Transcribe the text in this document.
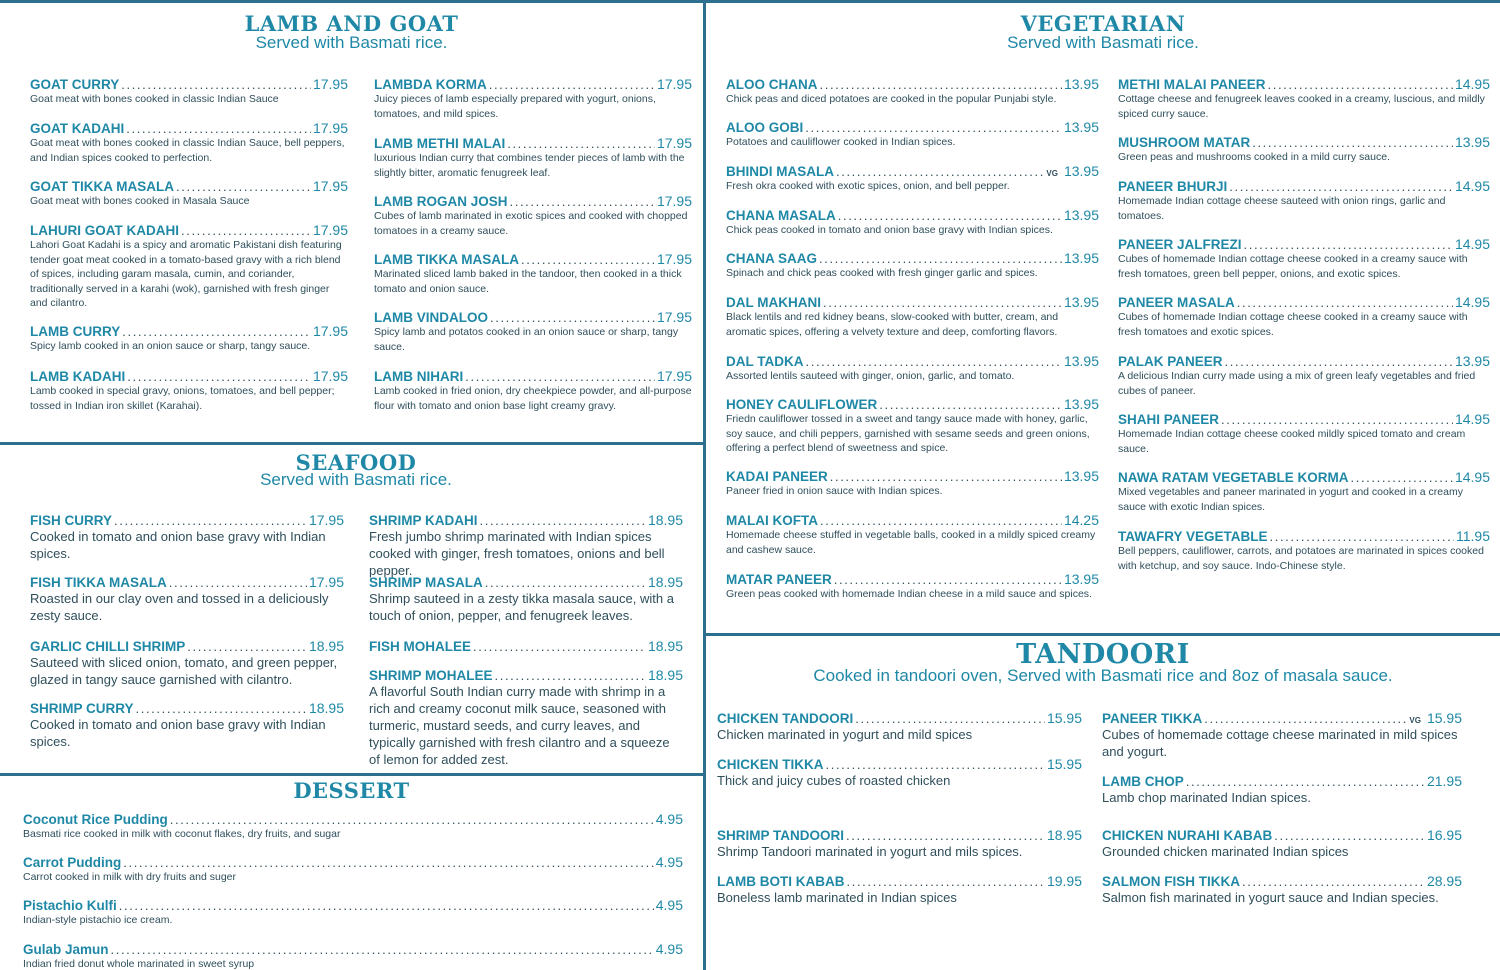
LAMB AND GOAT
Served with Basmati rice.
GOAT CURRY . . .	17.95
Goat meat with bones cooked in classic Indian Sauce
GOAT KADAHI . . .	17.95
Goat meat with bones cooked in classic Indian Sauce, bell peppers, and Indian spices cooked to perfection.
GOAT TIKKA MASALA . . .	17.95
Goat meat with bones cooked in Masala Sauce
LAHURI GOAT KADAHI . . .	17.95
Lahori Goat Kadahi is a spicy and aromatic Pakistani dish featuring tender goat meat cooked in a tomato-based gravy with a rich blend of spices, including garam masala, cumin, and coriander, traditionally served in a karahi (wok), garnished with fresh ginger and cilantro.
LAMB CURRY . . .	17.95
Spicy lamb cooked in an onion sauce or sharp, tangy sauce.
LAMB KADAHI . . .	17.95
Lamb cooked in special gravy, onions, tomatoes, and bell pepper; tossed in Indian iron skillet (Karahai).
LAMBDA KORMA . . .	17.95
Juicy pieces of lamb especially prepared with yogurt, onions, tomatoes, and mild spices.
LAMB METHI MALAI . . .	17.95
luxurious Indian curry that combines tender pieces of lamb with the slightly bitter, aromatic fenugreek leaf.
LAMB ROGAN JOSH . . .	17.95
Cubes of lamb marinated in exotic spices and cooked with chopped tomatoes in a creamy sauce.
LAMB TIKKA MASALA . . .	17.95
Marinated sliced lamb baked in the tandoor, then cooked in a thick tomato and onion sauce.
LAMB VINDALOO . . .	17.95
Spicy lamb and potatos cooked in an onion sauce or sharp, tangy sauce.
LAMB NIHARI . . .	17.95
Lamb cooked in fried onion, dry cheekpiece powder, and all-purpose flour with tomato and onion base light creamy gravy.
SEAFOOD
Served with Basmati rice.
FISH CURRY . . .	17.95
Cooked in tomato and onion base gravy with Indian spices.
FISH TIKKA MASALA . . .	17.95
Roasted in our clay oven and tossed in a deliciously zesty sauce.
GARLIC CHILLI SHRIMP . . .	18.95
Sauteed with sliced onion, tomato, and green pepper, glazed in tangy sauce garnished with cilantro.
SHRIMP CURRY . . .	18.95
Cooked in tomato and onion base gravy with Indian spices.
SHRIMP KADAHI . . .	18.95
Fresh jumbo shrimp marinated with Indian spices cooked with ginger, fresh tomatoes, onions and bell pepper.
SHRIMP MASALA . . .	18.95
Shrimp sauteed in a zesty tikka masala sauce, with a touch of onion, pepper, and fenugreek leaves.
FISH MOHALEE . . .	18.95
SHRIMP MOHALEE . . .	18.95
A flavorful South Indian curry made with shrimp in a rich and creamy coconut milk sauce, seasoned with turmeric, mustard seeds, and curry leaves, and typically garnished with fresh cilantro and a squeeze of lemon for added zest.
DESSERT
Coconut Rice Pudding . . .	4.95
Basmati rice cooked in milk with coconut flakes, dry fruits, and sugar
Carrot Pudding . . .	4.95
Carrot cooked in milk with dry fruits and suger
Pistachio Kulfi . . .	4.95
Indian-style pistachio ice cream.
Gulab Jamun . . .	4.95
Indian fried donut whole marinated in sweet syrup
VEGETARIAN
Served with Basmati rice.
ALOO CHANA . . .	13.95
Chick peas and diced potatoes are cooked in the popular Punjabi style.
ALOO GOBI . . .	13.95
Potatoes and cauliflower cooked in Indian spices.
BHINDI MASALA . . .	VG 13.95
Fresh okra cooked with exotic spices, onion, and bell pepper.
CHANA MASALA . . .	13.95
Chick peas cooked in tomato and onion base gravy with Indian spices.
CHANA SAAG . . .	13.95
Spinach and chick peas cooked with fresh ginger garlic and spices.
DAL MAKHANI . . .	13.95
Black lentils and red kidney beans, slow-cooked with butter, cream, and aromatic spices, offering a velvety texture and deep, comforting flavors.
DAL TADKA . . .	13.95
Assorted lentils sauteed with ginger, onion, garlic, and tomato.
HONEY CAULIFLOWER . . .	13.95
Friedn cauliflower tossed in a sweet and tangy sauce made with honey, garlic, soy sauce, and chili peppers, garnished with sesame seeds and green onions, offering a perfect blend of sweetness and spice.
KADAI PANEER . . .	13.95
Paneer fried in onion sauce with Indian spices.
MALAI KOFTA . . .	14.25
Homemade cheese stuffed in vegetable balls, cooked in a mildly spiced creamy and cashew sauce.
MATAR PANEER . . .	13.95
Green peas cooked with homemade Indian cheese in a mild sauce and spices.
METHI MALAI PANEER . . .	14.95
Cottage cheese and fenugreek leaves cooked in a creamy, luscious, and mildly spiced curry sauce.
MUSHROOM MATAR . . .	13.95
Green peas and mushrooms cooked in a mild curry sauce.
PANEER BHURJI . . .	14.95
Homemade Indian cottage cheese sauteed with onion rings, garlic and tomatoes.
PANEER JALFREZI . . .	14.95
Cubes of homemade Indian cottage cheese cooked in a creamy sauce with fresh tomatoes, green bell pepper, onions, and exotic spices.
PANEER MASALA . . .	14.95
Cubes of homemade Indian cottage cheese cooked in a creamy sauce with fresh tomatoes and exotic spices.
PALAK PANEER . . .	13.95
A delicious Indian curry made using a mix of green leafy vegetables and fried cubes of paneer.
SHAHI PANEER . . .	14.95
Homemade Indian cottage cheese cooked mildly spiced tomato and cream sauce.
NAWA RATAM VEGETABLE KORMA . . .	14.95
Mixed vegetables and paneer marinated in yogurt and cooked in a creamy sauce with exotic Indian spices.
TAWAFRY VEGETABLE . . .	11.95
Bell peppers, cauliflower, carrots, and potatoes are marinated in spices cooked with ketchup, and soy sauce. Indo-Chinese style.
TANDOORI
Cooked in tandoori oven, Served with Basmati rice and 8oz of masala sauce.
CHICKEN TANDOORI . . .	15.95
Chicken marinated in yogurt and mild spices
CHICKEN TIKKA . . .	15.95
Thick and juicy cubes of roasted chicken
SHRIMP TANDOORI . . .	18.95
Shrimp Tandoori marinated in yogurt and mils spices.
LAMB BOTI KABAB . . .	19.95
Boneless lamb marinated in Indian spices
PANEER TIKKA . . .	VG 15.95
Cubes of homemade cottage cheese marinated in mild spices and yogurt.
LAMB CHOP . . .	21.95
Lamb chop marinated Indian spices.
CHICKEN NURAHI KABAB . . .	16.95
Grounded chicken marinated Indian spices
SALMON FISH TIKKA . . .	28.95
Salmon fish marinated in yogurt sauce and Indian species.
